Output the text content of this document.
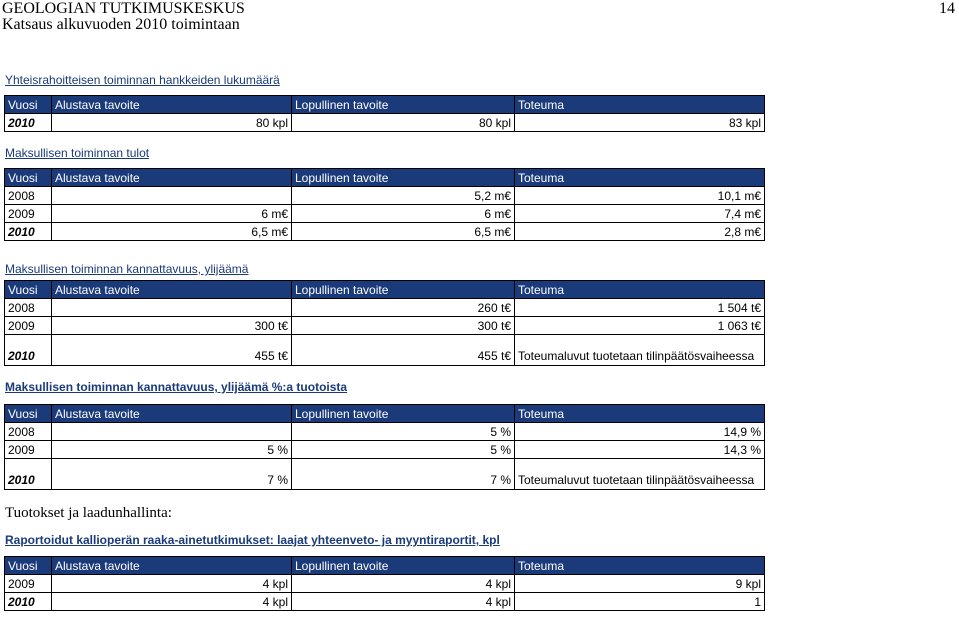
GEOLOGIAN TUTKIMUSKESKUS
Katsaus alkuvuoden 2010 toimintaan
14
Yhteisrahoitteisen toiminnan hankkeiden lukumäärä
Vuosi	Alustava tavoite	Lopullinen tavoite	Toteuma
2010	80 kpl	80 kpl	83 kpl
Maksullisen toiminnan tulot
Vuosi	Alustava tavoite	Lopullinen tavoite	Toteuma
2008		5,2 m€	10,1 m€
2009	6 m€	6 m€	7,4 m€
2010	6,5 m€	6,5 m€	2,8 m€
Maksullisen toiminnan kannattavuus, ylijäämä
Vuosi	Alustava tavoite	Lopullinen tavoite	Toteuma
2008		260 t€	1 504 t€
2009	300 t€	300 t€	1 063 t€
2010	455 t€	455 t€	Toteumaluvut tuotetaan tilinpäätösvaiheessa
Maksullisen toiminnan kannattavuus, ylijäämä %:a tuotoista
Vuosi	Alustava tavoite	Lopullinen tavoite	Toteuma
2008		5 %	14,9 %
2009	5 %	5 %	14,3 %
2010	7 %	7 %	Toteumaluvut tuotetaan tilinpäätösvaiheessa
Tuotokset ja laadunhallinta:
Raportoidut kallioperän raaka-ainetutkimukset: laajat yhteenveto- ja myyntiraportit, kpl
Vuosi	Alustava tavoite	Lopullinen tavoite	Toteuma
2009	4 kpl	4 kpl	9 kpl
2010	4 kpl	4 kpl	1
